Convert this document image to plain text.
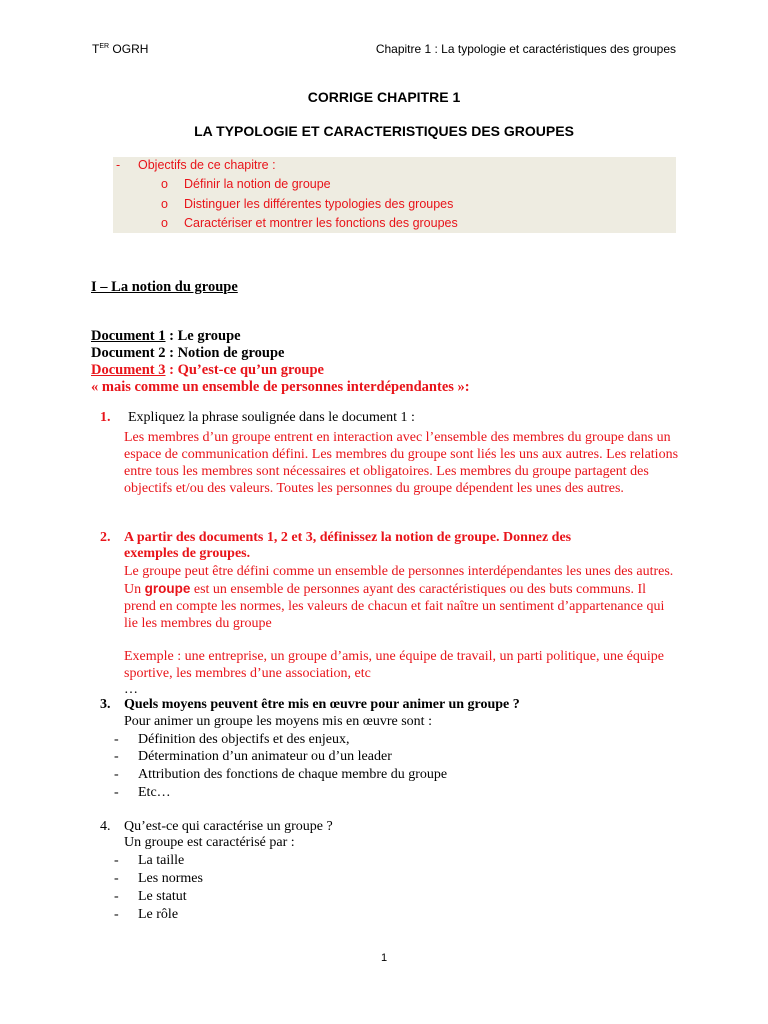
$T^{ER}$ OGRH	Chapitre 1 : La typologie et caractéristiques des groupes
CORRIGE CHAPITRE 1
LA TYPOLOGIE ET CARACTERISTIQUES DES GROUPES
- Objectifs de ce chapitre :
o Définir la notion de groupe
o Distinguer les différentes typologies des groupes
o Caractériser et montrer les fonctions des groupes
I – La notion du groupe
Document 1 : Le groupe
Document 2 : Notion de groupe
Document 3 : Qu’est-ce qu’un groupe
« mais comme un ensemble de personnes interdépendantes »:
1. Expliquez la phrase soulignée dans le document 1 :
Les membres d’un groupe entrent en interaction avec l’ensemble des membres du groupe dans un espace de communication défini. Les membres du groupe sont liés les uns aux autres. Les relations entre tous les membres sont nécessaires et obligatoires. Les membres du groupe partagent des objectifs et/ou des valeurs. Toutes les personnes du groupe dépendent les unes des autres.
2. A partir des documents 1, 2 et 3, définissez la notion de groupe. Donnez des
exemples de groupes.
Le groupe peut être défini comme un ensemble de personnes interdépendantes les unes des autres. Un groupe est un ensemble de personnes ayant des caractéristiques ou des buts communs. Il prend en compte les normes, les valeurs de chacun et fait naître un sentiment d’appartenance qui lie les membres du groupe
Exemple : une entreprise, un groupe d’amis, une équipe de travail, un parti politique, une équipe sportive, les membres d’une association, etc
…
3. Quels moyens peuvent être mis en œuvre pour animer un groupe ?
Pour animer un groupe les moyens mis en œuvre sont :
- Définition des objectifs et des enjeux,
- Détermination d’un animateur ou d’un leader
- Attribution des fonctions de chaque membre du groupe
- Etc…
4. Qu’est-ce qui caractérise un groupe ?
Un groupe est caractérisé par :
- La taille
- Les normes
- Le statut
- Le rôle
1
